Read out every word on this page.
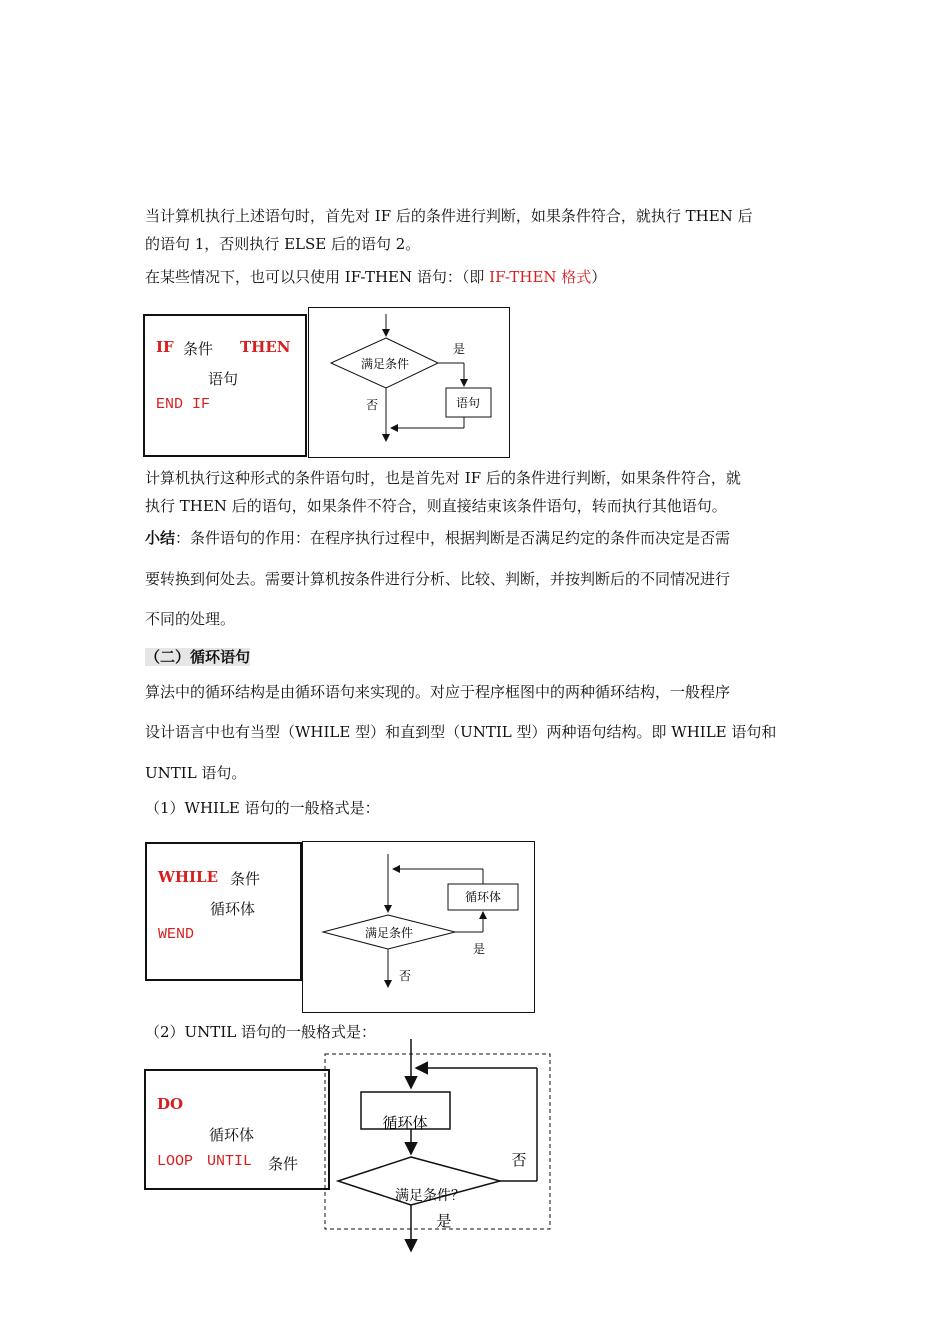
当计算机执行上述语句时，首先对 IF 后的条件进行判断，如果条件符合，就执行 THEN 后
的语句 1，否则执行 ELSE 后的语句 2。
在某些情况下，也可以只使用 IF-THEN 语句：（即 IF-THEN 格式）
IF 条件 THEN
语句
END IF
满足条件
语句
是
否
计算机执行这种形式的条件语句时，也是首先对 IF 后的条件进行判断，如果条件符合，就
执行 THEN 后的语句，如果条件不符合，则直接结束该条件语句，转而执行其他语句。
小结：条件语句的作用：在程序执行过程中，根据判断是否满足约定的条件而决定是否需
要转换到何处去。需要计算机按条件进行分析、比较、判断，并按判断后的不同情况进行
不同的处理。
（二）循环语句
算法中的循环结构是由循环语句来实现的。对应于程序框图中的两种循环结构，一般程序
设计语言中也有当型（WHILE 型）和直到型（UNTIL 型）两种语句结构。即 WHILE 语句和
UNTIL 语句。
（1）WHILE 语句的一般格式是：
WHILE 条件
循环体
WEND	满足条件
循环体
是
否
（2）UNTIL 语句的一般格式是：
DO
循环体
LOOP UNTIL 条件
循环体
满足条件？
否
是
